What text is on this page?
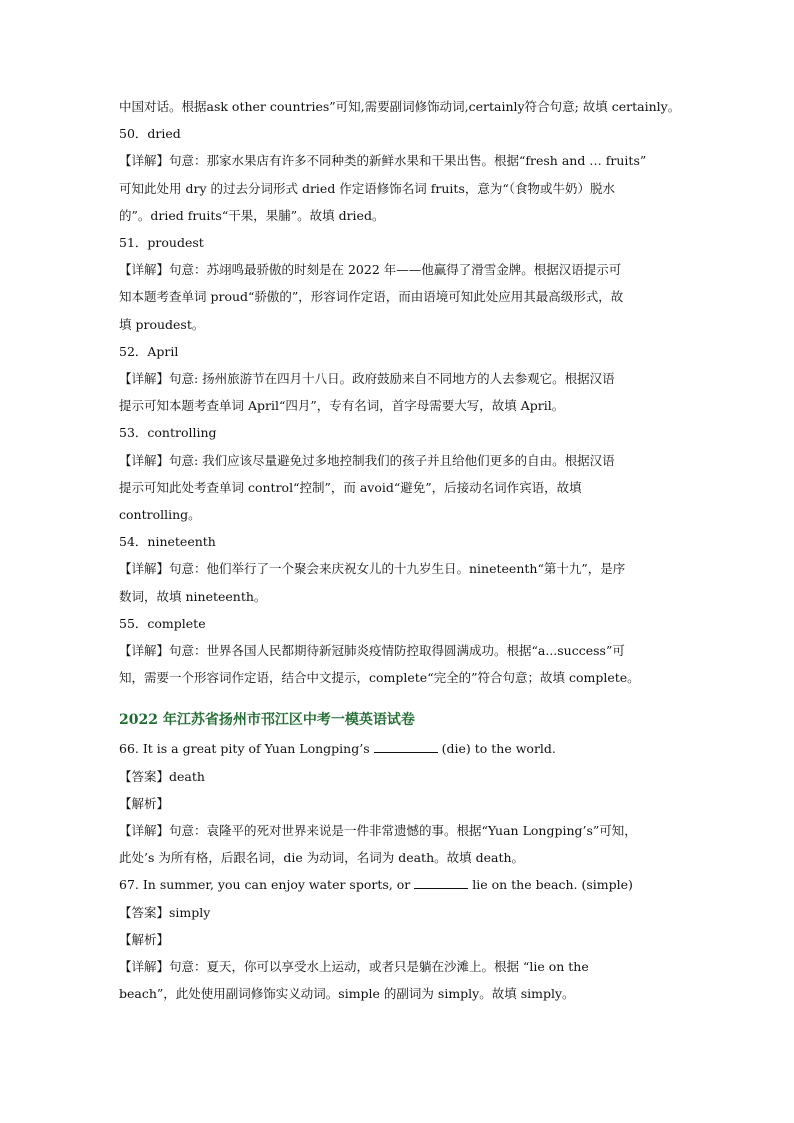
中国对话。根据ask other countries”可知,需要副词修饰动词,certainly符合句意; 故填 certainly。
50．dried
【详解】句意：那家水果店有许多不同种类的新鲜水果和干果出售。根据“fresh and … fruits”
可知此处用 dry 的过去分词形式 dried 作定语修饰名词 fruits，意为“（食物或牛奶）脱水
的”。dried fruits“干果，果脯”。故填 dried。
51．proudest
【详解】句意：苏翊鸣最骄傲的时刻是在 2022 年——他赢得了滑雪金牌。根据汉语提示可
知本题考查单词 proud“骄傲的”，形容词作定语，而由语境可知此处应用其最高级形式，故
填 proudest。
52．April
【详解】句意: 扬州旅游节在四月十八日。政府鼓励来自不同地方的人去参观它。根据汉语
提示可知本题考查单词 April“四月”，专有名词，首字母需要大写，故填 April。
53．controlling
【详解】句意: 我们应该尽量避免过多地控制我们的孩子并且给他们更多的自由。根据汉语
提示可知此处考查单词 control“控制”，而 avoid“避免”，后接动名词作宾语，故填
controlling。
54．nineteenth
【详解】句意：他们举行了一个聚会来庆祝女儿的十九岁生日。nineteenth“第十九”，是序
数词，故填 nineteenth。
55．complete
【详解】句意：世界各国人民都期待新冠肺炎疫情防控取得圆满成功。根据“a...success”可
知，需要一个形容词作定语，结合中文提示，complete“完全的”符合句意；故填 complete。
2022 年江苏省扬州市邗江区中考一模英语试卷
66. It is a great pity of Yuan Longping’s	(die) to the world.
【答案】death
【解析】
【详解】句意：袁隆平的死对世界来说是一件非常遗憾的事。根据“Yuan Longping’s”可知，
此处’s 为所有格，后跟名词，die 为动词，名词为 death。故填 death。
67. In summer, you can enjoy water sports, or	lie on the beach. (simple)
【答案】simply
【解析】
【详解】句意：夏天，你可以享受水上运动，或者只是躺在沙滩上。根据 “lie on the
beach”，此处使用副词修饰实义动词。simple 的副词为 simply。故填 simply。
